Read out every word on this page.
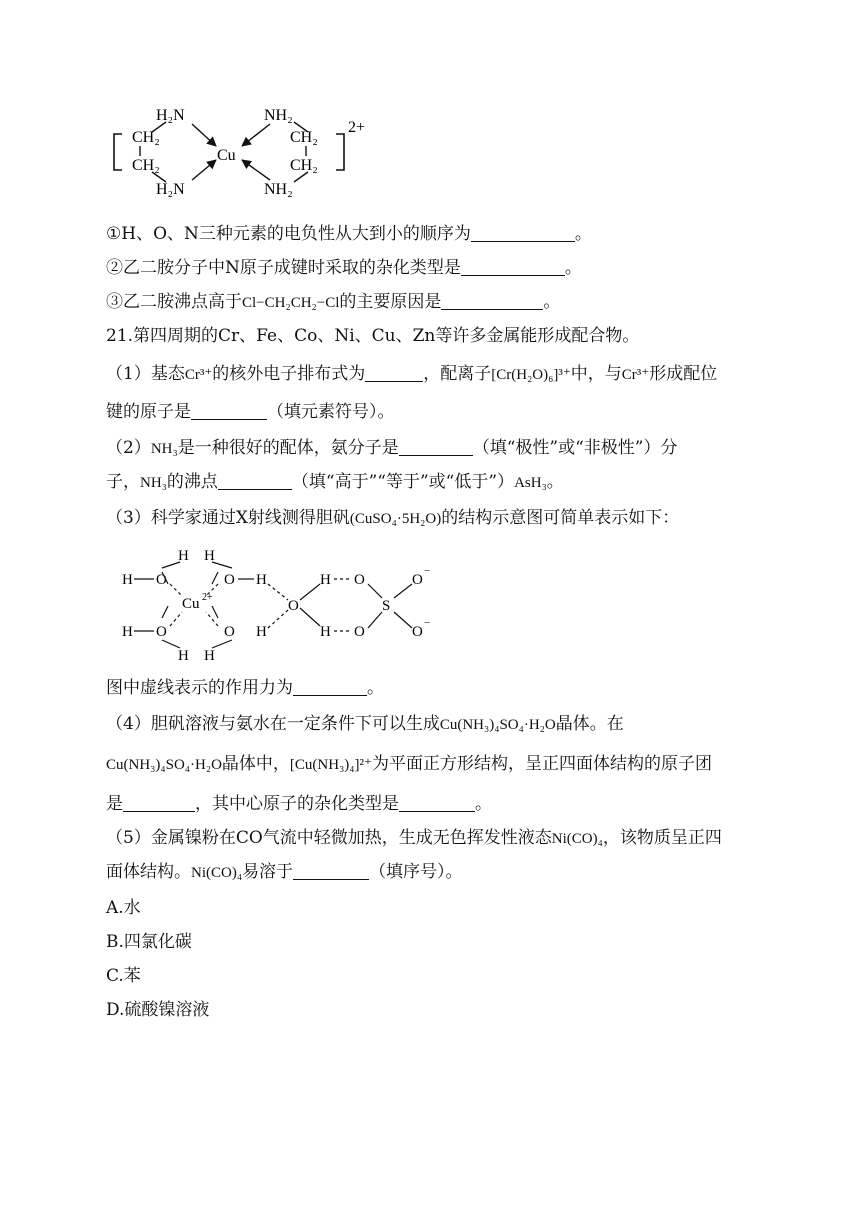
H₂N
CH₂
CH₂
H₂N
Cu
NH₂
CH₂
CH₂
NH₂
2+
①H、O、N三种元素的电负性从大到小的顺序为	。
②乙二胺分子中N原子成键时采取的杂化类型是	。
③乙二胺沸点高于Cl−CH₂CH₂−Cl的主要原因是	。
21.第四周期的Cr、Fe、Co、Ni、Cu、Zn等许多金属能形成配合物。
（1）基态Cr³⁺的核外电子排布式为	，配离子[Cr(H₂O)₆]³⁺中，与Cr³⁺形成配位
键的原子是	（填元素符号）。
（2）NH₃是一种很好的配体，氨分子是	（填“极性”或“非极性”）分
子，NH₃的沸点	（填“高于”“等于”或“低于”）AsH₃。
（3）科学家通过X射线测得胆矾(CuSO₄·5H₂O)的结构示意图可简单表示如下：
H H
H O	O H
Cu 2+
H O	O H
H H
O
H O
H O
S
O
−
O
−
图中虚线表示的作用力为	。
（4）胆矾溶液与氨水在一定条件下可以生成Cu(NH₃)₄SO₄·H₂O晶体。在
Cu(NH₃)₄SO₄·H₂O晶体中，[Cu(NH₃)₄]²⁺为平面正方形结构，呈正四面体结构的原子团
是	，其中心原子的杂化类型是	。
（5）金属镍粉在CO气流中轻微加热，生成无色挥发性液态Ni(CO)₄，该物质呈正四
面体结构。Ni(CO)₄易溶于	（填序号）。
A.水
B.四氯化碳
C.苯
D.硫酸镍溶液
